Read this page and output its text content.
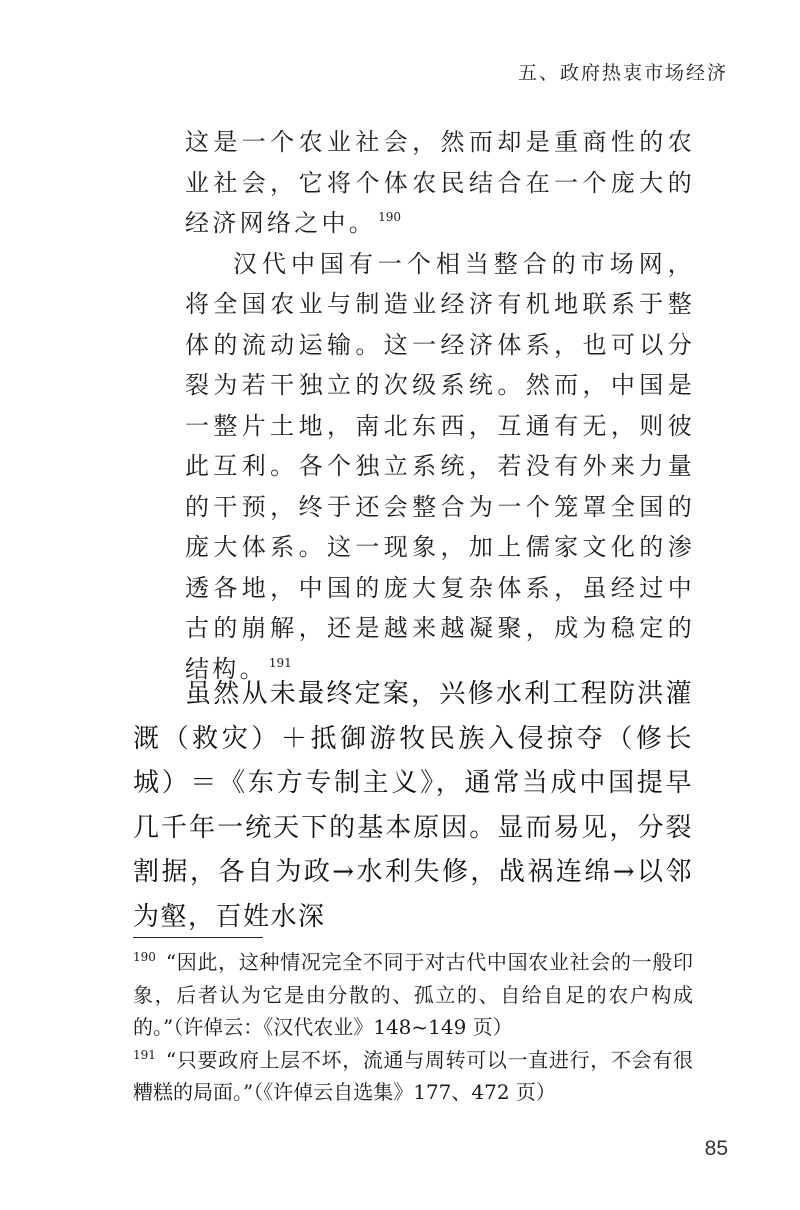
五、政府热衷市场经济

这是一个农业社会，然而却是重商性的农业社会，它将个体农民结合在一个庞大的经济网络之中。 $^{190}$

汉代中国有一个相当整合的市场网，将全国农业与制造业经济有机地联系于整体的流动运输。这一经济体系，也可以分裂为若干独立的次级系统。然而，中国是一整片土地，南北东西，互通有无，则彼此互利。各个独立系统，若没有外来力量的干预，终于还会整合为一个笼罩全国的庞大体系。这一现象，加上儒家文化的渗透各地，中国的庞大复杂体系，虽经过中古的崩解，还是越来越凝聚，成为稳定的结构。 $^{191}$

虽然从未最终定案，兴修水利工程防洪灌溉（救灾）＋抵御游牧民族入侵掠夺（修长城）＝《东方专制主义》，通常当成中国提早几千年一统天下的基本原因。显而易见，分裂割据，各自为政→水利失修，战祸连绵→以邻为壑，百姓水深

$^{190}$ “因此，这种情况完全不同于对古代中国农业社会的一般印象，后者认为它是由分散的、孤立的、自给自足的农户构成的。”（许倬云：《汉代农业》148~149 页）

$^{191}$ “只要政府上层不坏，流通与周转可以一直进行，不会有很糟糕的局面。”（《许倬云自选集》177、472 页）

85
